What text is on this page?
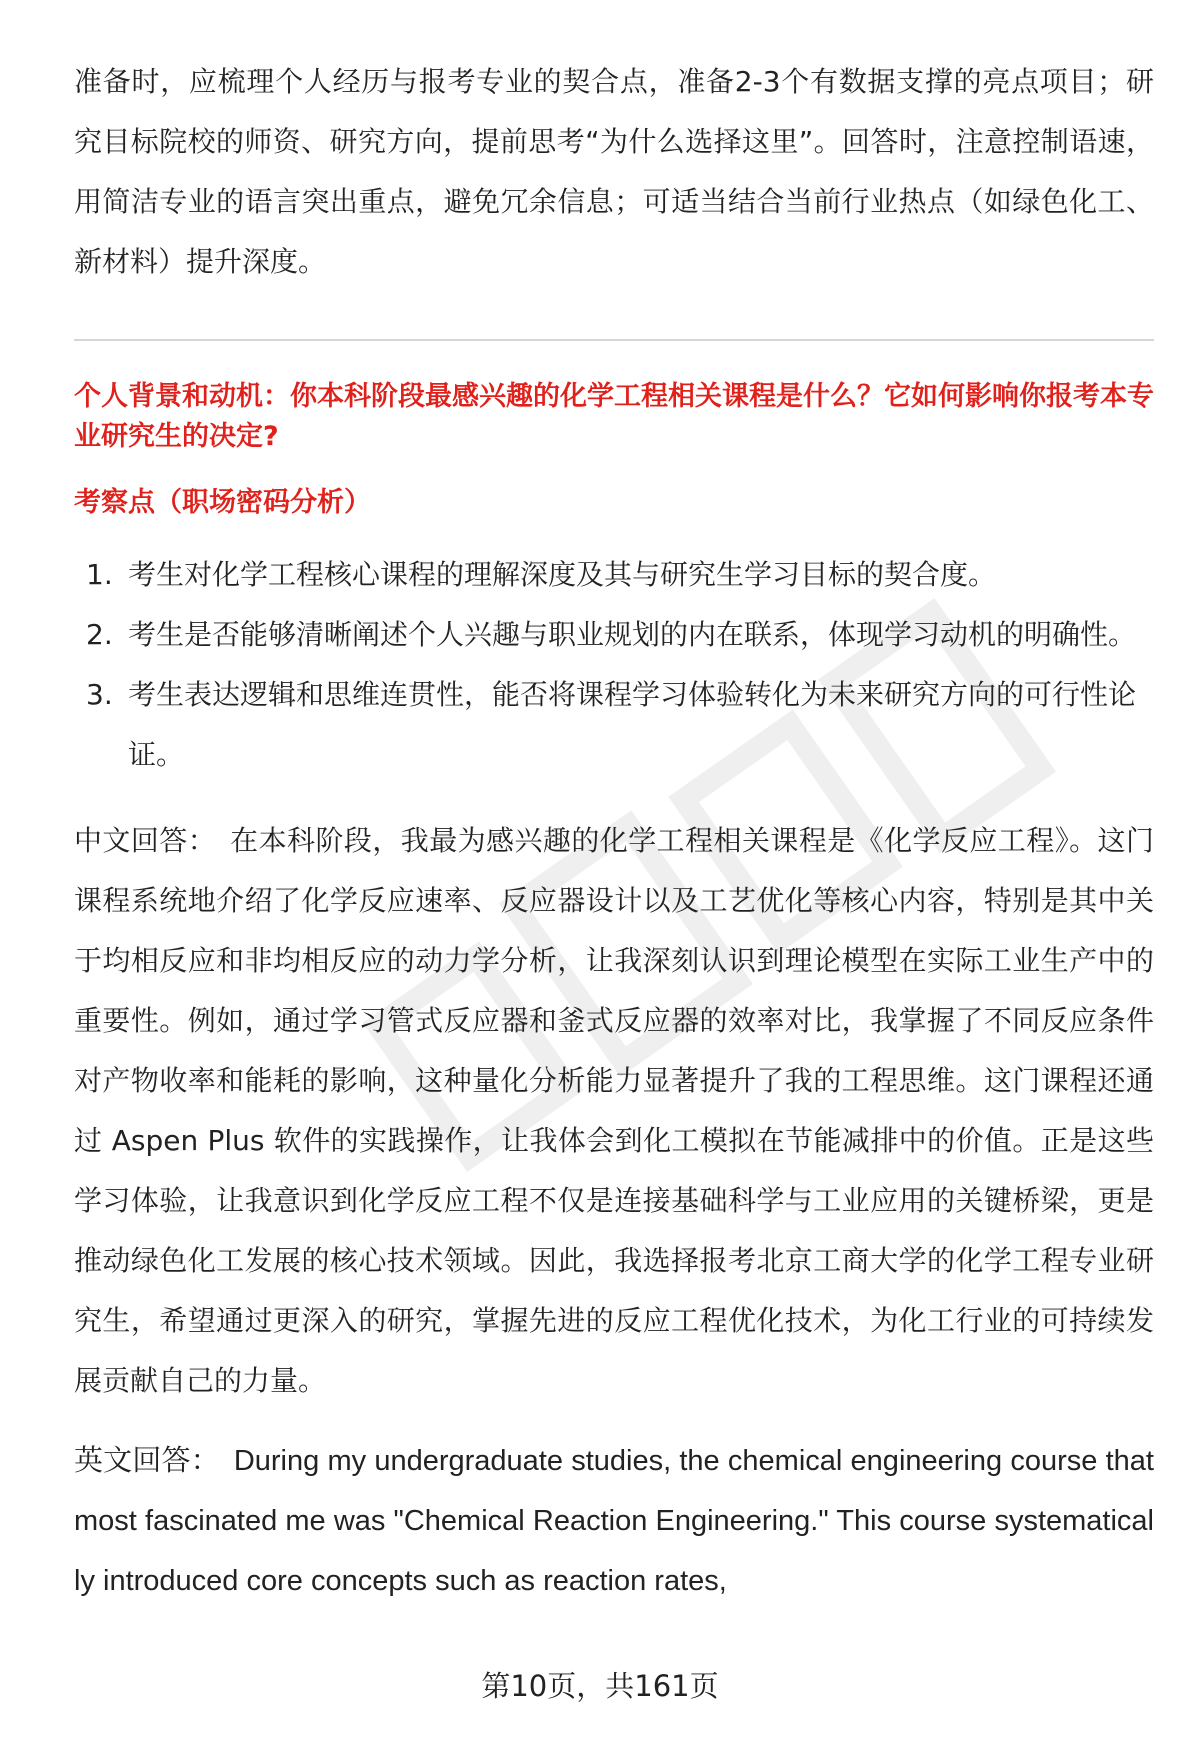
准备时，应梳理个人经历与报考专业的契合点，准备2-3个有数据支撑的亮点项目；研究目标院校的师资、研究方向，提前思考“为什么选择这里”。回答时，注意控制语速，用简洁专业的语言突出重点，避免冗余信息；可适当结合当前行业热点（如绿色化工、新材料）提升深度。

个人背景和动机：你本科阶段最感兴趣的化学工程相关课程是什么？它如何影响你报考本专业研究生的决定?

考察点（职场密码分析）

1. 考生对化学工程核心课程的理解深度及其与研究生学习目标的契合度。
2. 考生是否能够清晰阐述个人兴趣与职业规划的内在联系，体现学习动机的明确性。
3. 考生表达逻辑和思维连贯性，能否将课程学习体验转化为未来研究方向的可行性论证。

中文回答： 在本科阶段，我最为感兴趣的化学工程相关课程是《化学反应工程》。这门课程系统地介绍了化学反应速率、反应器设计以及工艺优化等核心内容，特别是其中关于均相反应和非均相反应的动力学分析，让我深刻认识到理论模型在实际工业生产中的重要性。例如，通过学习管式反应器和釜式反应器的效率对比，我掌握了不同反应条件对产物收率和能耗的影响，这种量化分析能力显著提升了我的工程思维。这门课程还通过 Aspen Plus 软件的实践操作，让我体会到化工模拟在节能减排中的价值。正是这些学习体验，让我意识到化学反应工程不仅是连接基础科学与工业应用的关键桥梁，更是推动绿色化工发展的核心技术领域。因此，我选择报考北京工商大学的化学工程专业研究生，希望通过更深入的研究，掌握先进的反应工程优化技术，为化工行业的可持续发展贡献自己的力量。

英文回答： During my undergraduate studies, the chemical engineering course that most fascinated me was "Chemical Reaction Engineering." This course systematically introduced core concepts such as reaction rates,

第10页，共161页
